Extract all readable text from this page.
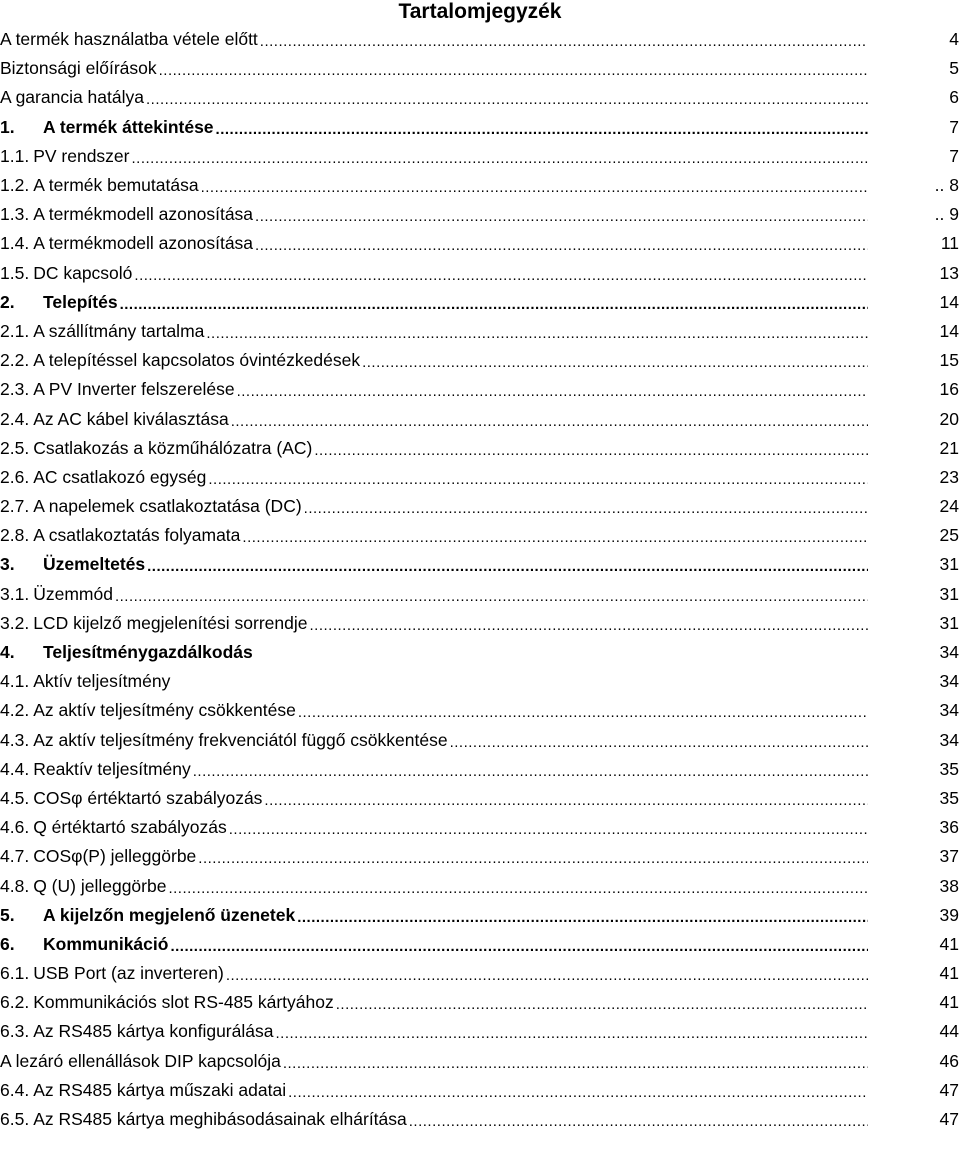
Tartalomjegyzék
A termék használatba vétele előtt .....	4
Biztonsági előírások .....	5
A garancia hatálya .....	6
1. A termék áttekintése .....	7
1.1. PV rendszer .....	7
1.2. A termék bemutatása .....	.. 8
1.3. A termékmodell azonosítása .....	.. 9
1.4. A termékmodell azonosítása .....	11
1.5. DC kapcsoló .....	13
2. Telepítés .....	14
2.1. A szállítmány tartalma .....	14
2.2. A telepítéssel kapcsolatos óvintézkedések .....	15
2.3. A PV Inverter felszerelése .....	16
2.4. Az AC kábel kiválasztása .....	20
2.5. Csatlakozás a közműhálózatra (AC) .....	21
2.6. AC csatlakozó egység .....	23
2.7. A napelemek csatlakoztatása (DC) .....	24
2.8. A csatlakoztatás folyamata .....	25
3. Üzemeltetés .....	31
3.1. Üzemmód .....	31
3.2. LCD kijelző megjelenítési sorrendje .....	31
4. Teljesítménygazdálkodás	34
4.1. Aktív teljesítmény	34
4.2. Az aktív teljesítmény csökkentése .....	34
4.3. Az aktív teljesítmény frekvenciától függő csökkentése .....	34
4.4. Reaktív teljesítmény .....	35
4.5. COSφ értéktartó szabályozás .....	35
4.6. Q értéktartó szabályozás .....	36
4.7. COSφ(P) jelleggörbe .....	37
4.8. Q (U) jelleggörbe .....	38
5. A kijelzőn megjelenő üzenetek .....	39
6. Kommunikáció .....	41
6.1. USB Port (az inverteren) .....	41
6.2. Kommunikációs slot RS-485 kártyához .....	41
6.3. Az RS485 kártya konfigurálása .....	44
A lezáró ellenállások DIP kapcsolója .....	46
6.4. Az RS485 kártya műszaki adatai .....	47
6.5. Az RS485 kártya meghibásodásainak elhárítása .....	47
